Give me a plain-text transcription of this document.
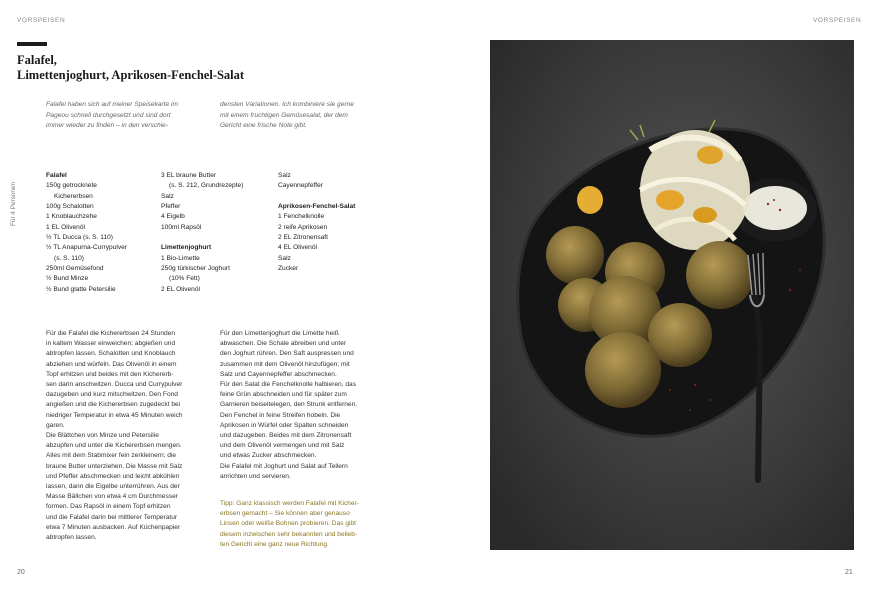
VORSPEISEN	VORSPEISEN
Falafel,
Limettenjoghurt, Aprikosen-Fenchel-Salat
Falafel haben sich auf meiner Speisekarte im
Pageou schnell durchgesetzt und sind dort
immer wieder zu finden – in den verschie-
densten Variationen. Ich kombiniere sie gerne
mit einem fruchtigen Gemüsesalat, der dem
Gericht eine frische Note gibt.
Für 4 Personen
Falafel
150g getrocknete
Kichererbsen
100g Schalotten
1 Knoblauchzehe
1 EL Olivenöl
½ TL Ducca (s. S. 110)
½ TL Anapurna-Currypulver
(s. S. 110)
250ml Gemüsefond
½ Bund Minze
½ Bund glatte Petersilie
3 EL braune Butter
(s. S. 212, Grundrezepte)
Salz
Pfeffer
4 Eigelb
100ml Rapsöl
Limettenjoghurt
1 Bio-Limette
250g türkischer Joghurt
(10% Fett)
2 EL Olivenöl
Salz
Cayennepfeffer
Aprikosen-Fenchel-Salat
1 Fenchelknolle
2 reife Aprikosen
2 EL Zitronensaft
4 EL Olivenöl
Salz
Zucker
Für die Falafel die Kichererbsen 24 Stunden
in kaltem Wasser einweichen; abgießen und
abtropfen lassen. Schalotten und Knoblauch
abziehen und würfeln. Das Olivenöl in einem
Topf erhitzen und beides mit den Kichererb-
sen darin anschwitzen. Ducca und Currypulver
dazugeben und kurz mitschwitzen. Den Fond
angießen und die Kichererbsen zugedeckt bei
niedriger Temperatur in etwa 45 Minuten weich
garen.
Die Blättchen von Minze und Petersilie
abzupfen und unter die Kichererbsen mengen.
Alles mit dem Stabmixer fein zerkleinern; die
braune Butter unterziehen. Die Masse mit Salz
und Pfeffer abschmecken und leicht abkühlen
lassen, dann die Eigelbe unterrühren. Aus der
Masse Bällchen von etwa 4 cm Durchmesser
formen. Das Rapsöl in einem Topf erhitzen
und die Falafel darin bei mittlerer Temperatur
etwa 7 Minuten ausbacken. Auf Küchenpapier
abtropfen lassen.
Für den Limettenjoghurt die Limette heiß
abwaschen. Die Schale abreiben und unter
den Joghurt rühren. Den Saft auspressen und
zusammen mit dem Olivenöl hinzufügen; mit
Salz und Cayennepfeffer abschmecken.
Für den Salat die Fenchelknolle halbieren, das
feine Grün abschneiden und für später zum
Garnieren beiseitelegen, den Strunk entfernen.
Den Fenchel in feine Streifen hobeln. Die
Aprikosen in Würfel oder Spalten schneiden
und dazugeben. Beides mit dem Zitronensaft
und dem Olivenöl vermengen und mit Salz
und etwas Zucker abschmecken.
Die Falafel mit Joghurt und Salat auf Tellern
anrichten und servieren.
Tipp: Ganz klassisch werden Falafel mit Kicher-
erbsen gemacht – Sie können aber genauso
Linsen oder weiße Bohnen probieren. Das gibt
diesem inzwischen sehr bekannten und belieb-
ten Gericht eine ganz neue Richtung.
20	21
